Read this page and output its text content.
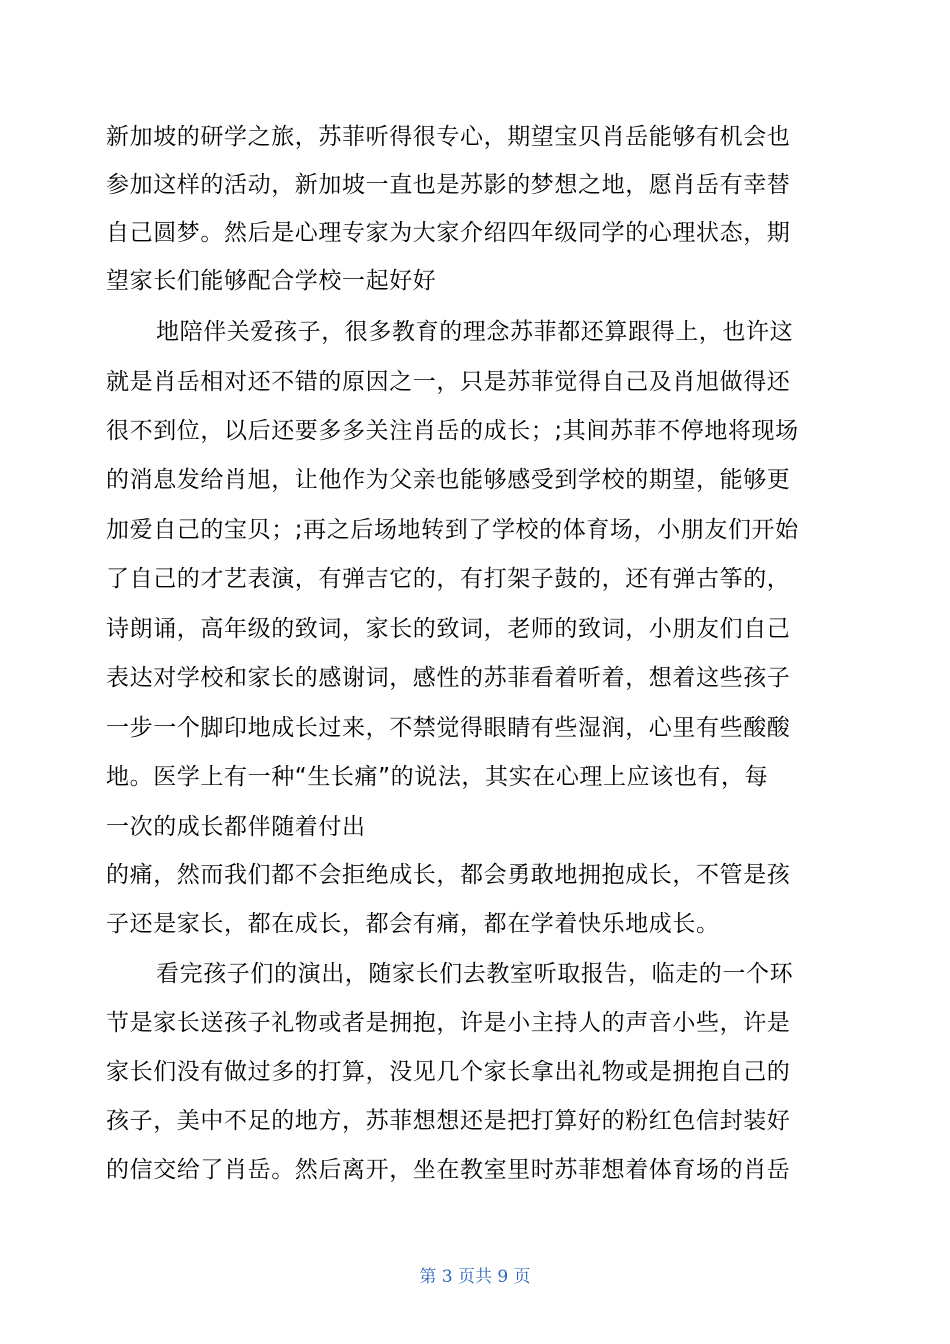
新加坡的研学之旅，苏菲听得很专心，期望宝贝肖岳能够有机会也
参加这样的活动，新加坡一直也是苏影的梦想之地，愿肖岳有幸替
自己圆梦。然后是心理专家为大家介绍四年级同学的心理状态，期
望家长们能够配合学校一起好好
地陪伴关爱孩子，很多教育的理念苏菲都还算跟得上，也许这
就是肖岳相对还不错的原因之一，只是苏菲觉得自己及肖旭做得还
很不到位，以后还要多多关注肖岳的成长；;其间苏菲不停地将现场
的消息发给肖旭，让他作为父亲也能够感受到学校的期望，能够更
加爱自己的宝贝；;再之后场地转到了学校的体育场，小朋友们开始
了自己的才艺表演，有弹吉它的，有打架子鼓的，还有弹古筝的，
诗朗诵，高年级的致词，家长的致词，老师的致词，小朋友们自己
表达对学校和家长的感谢词，感性的苏菲看着听着，想着这些孩子
一步一个脚印地成长过来，不禁觉得眼睛有些湿润，心里有些酸酸
地。医学上有一种“生长痛”的说法，其实在心理上应该也有，每
一次的成长都伴随着付出
的痛，然而我们都不会拒绝成长，都会勇敢地拥抱成长，不管是孩
子还是家长，都在成长，都会有痛，都在学着快乐地成长。
看完孩子们的演出，随家长们去教室听取报告，临走的一个环
节是家长送孩子礼物或者是拥抱，许是小主持人的声音小些，许是
家长们没有做过多的打算，没见几个家长拿出礼物或是拥抱自己的
孩子，美中不足的地方，苏菲想想还是把打算好的粉红色信封装好
的信交给了肖岳。然后离开，坐在教室里时苏菲想着体育场的肖岳
第 3 页共 9 页
